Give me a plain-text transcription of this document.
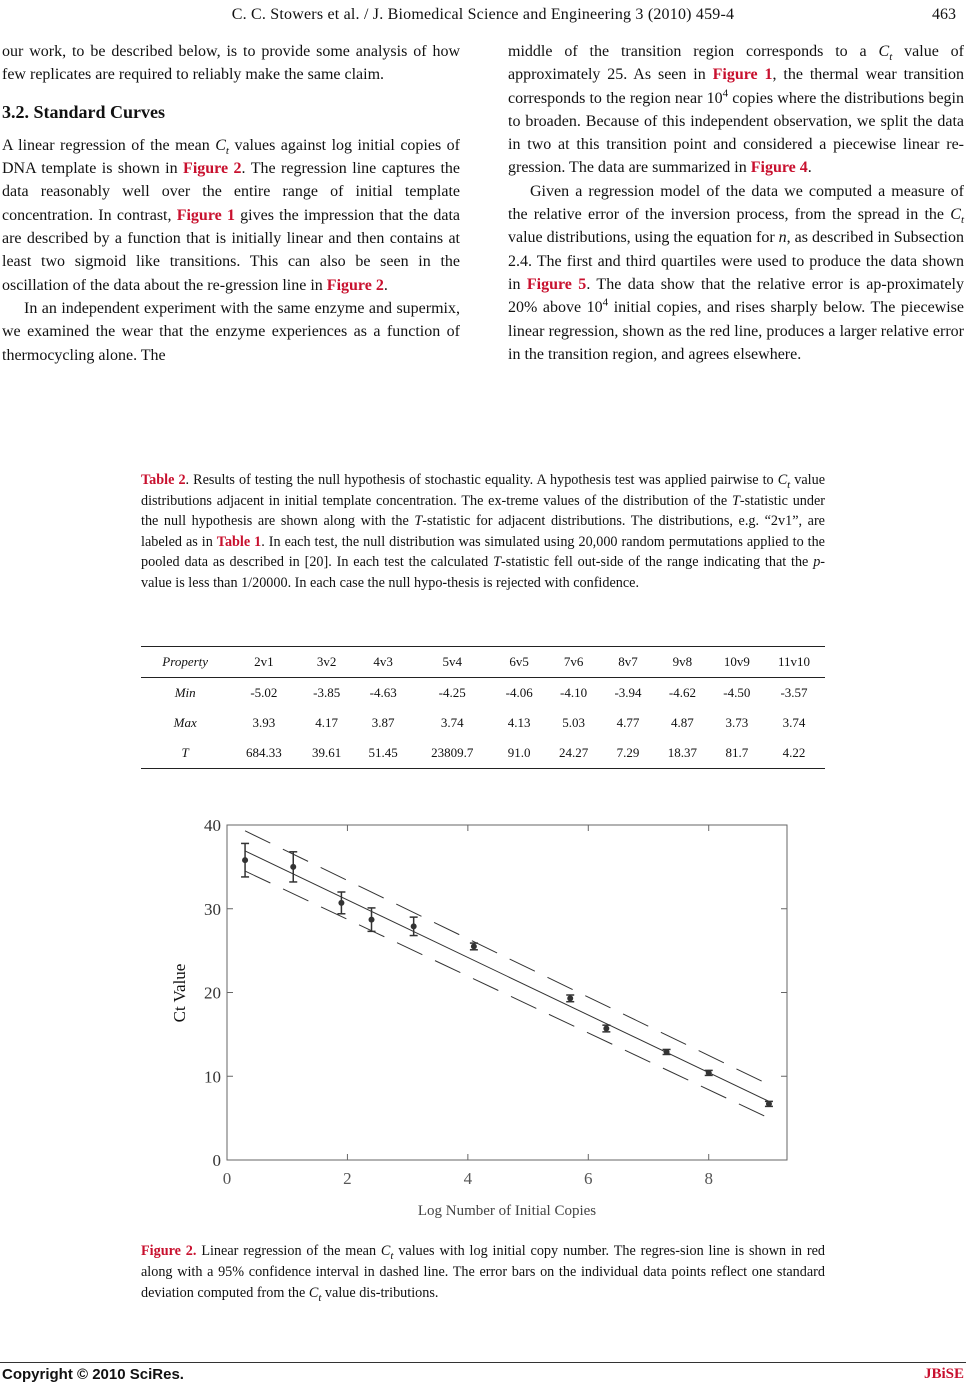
C. C. Stowers et al. / J. Biomedical Science and Engineering 3 (2010) 459-4	463

our work, to be described below, is to provide some analysis of how few replicates are required to reliably make the same claim.

3.2. Standard Curves

A linear regression of the mean $C_t$ values against log initial copies of DNA template is shown in Figure 2. The regression line captures the data reasonably well over the entire range of initial template concentration. In contrast, Figure 1 gives the impression that the data are described by a function that is initially linear and then contains at least two sigmoid like transitions. This can also be seen in the oscillation of the data about the re-gression line in Figure 2.

In an independent experiment with the same enzyme and supermix, we examined the wear that the enzyme experiences as a function of thermocycling alone. The

middle of the transition region corresponds to a $C_t$ value of approximately 25. As seen in Figure 1, the thermal wear transition corresponds to the region near $10^4$ copies where the distributions begin to broaden. Because of this independent observation, we split the data in two at this transition point and considered a piecewise linear re-gression. The data are summarized in Figure 4.

Given a regression model of the data we computed a measure of the relative error of the inversion process, from the spread in the $C_t$ value distributions, using the equation for n, as described in Subsection 2.4. The first and third quartiles were used to produce the data shown in Figure 5. The data show that the relative error is ap-proximately 20% above $10^4$ initial copies, and rises sharply below. The piecewise linear regression, shown as the red line, produces a larger relative error in the transition region, and agrees elsewhere.

Table 2. Results of testing the null hypothesis of stochastic equality. A hypothesis test was applied pairwise to $C_t$ value distributions adjacent in initial template concentration. The ex-treme values of the distribution of the T-statistic under the null hypothesis are shown along with the T-statistic for adjacent distributions. The distributions, e.g. “2v1”, are labeled as in Table 1. In each test, the null distribution was simulated using 20,000 random permutations applied to the pooled data as described in [20]. In each test the calculated T-statistic fell out-side of the range indicating that the p-value is less than 1/20000. In each case the null hypo-thesis is rejected with confidence.
Property	2v1	3v2	4v3	5v4	6v5	7v6	8v7	9v8	10v9	11v10
Min	-5.02	-3.85	-4.63	-4.25	-4.06	-4.10	-3.94	-4.62	-4.50	-3.57
Max	3.93	4.17	3.87	3.74	4.13	5.03	4.77	4.87	3.73	3.74
T	684.33	39.61	51.45	23809.7	91.0	24.27	7.29	18.37	81.7	4.22
0	2	4	6	8
0
10
20
30
40
Log Number of Initial Copies
Ct Value
Figure 2. Linear regression of the mean $C_t$ values with log initial copy number. The regres-sion line is shown in red along with a 95% confidence interval in dashed line. The error bars on the individual data points reflect one standard deviation computed from the $C_t$ value dis-tributions.
Copyright © 2010 SciRes.	JBiSE
